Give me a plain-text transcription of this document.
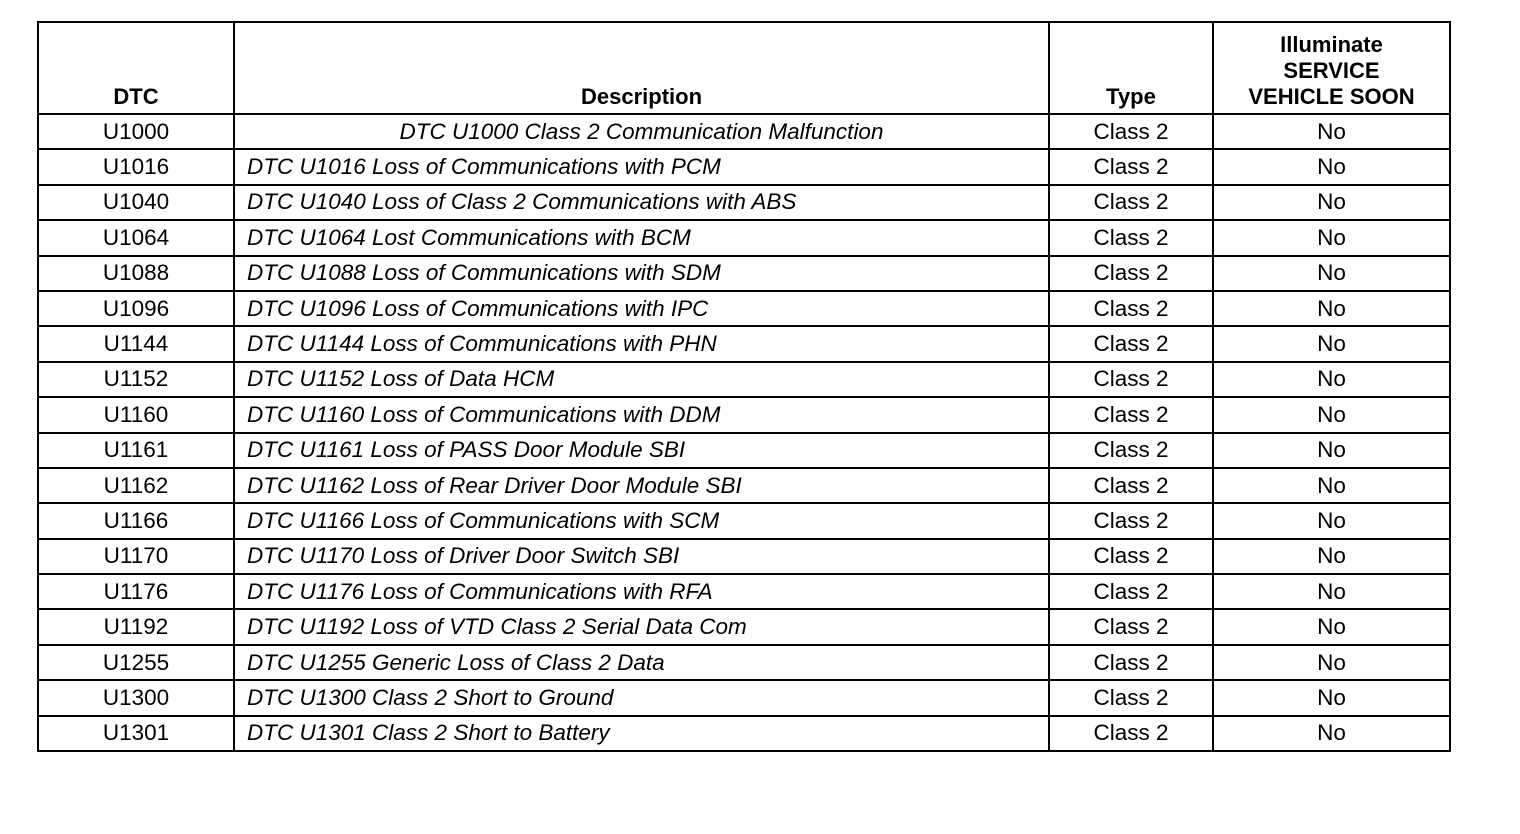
DTC	Description	Type	Illuminate
SERVICE
VEHICLE SOON
U1000	DTC U1000 Class 2 Communication Malfunction	Class 2	No
U1016	DTC U1016 Loss of Communications with PCM	Class 2	No
U1040	DTC U1040 Loss of Class 2 Communications with ABS	Class 2	No
U1064	DTC U1064 Lost Communications with BCM	Class 2	No
U1088	DTC U1088 Loss of Communications with SDM	Class 2	No
U1096	DTC U1096 Loss of Communications with IPC	Class 2	No
U1144	DTC U1144 Loss of Communications with PHN	Class 2	No
U1152	DTC U1152 Loss of Data HCM	Class 2	No
U1160	DTC U1160 Loss of Communications with DDM	Class 2	No
U1161	DTC U1161 Loss of PASS Door Module SBI	Class 2	No
U1162	DTC U1162 Loss of Rear Driver Door Module SBI	Class 2	No
U1166	DTC U1166 Loss of Communications with SCM	Class 2	No
U1170	DTC U1170 Loss of Driver Door Switch SBI	Class 2	No
U1176	DTC U1176 Loss of Communications with RFA	Class 2	No
U1192	DTC U1192 Loss of VTD Class 2 Serial Data Com	Class 2	No
U1255	DTC U1255 Generic Loss of Class 2 Data	Class 2	No
U1300	DTC U1300 Class 2 Short to Ground	Class 2	No
U1301	DTC U1301 Class 2 Short to Battery	Class 2	No
